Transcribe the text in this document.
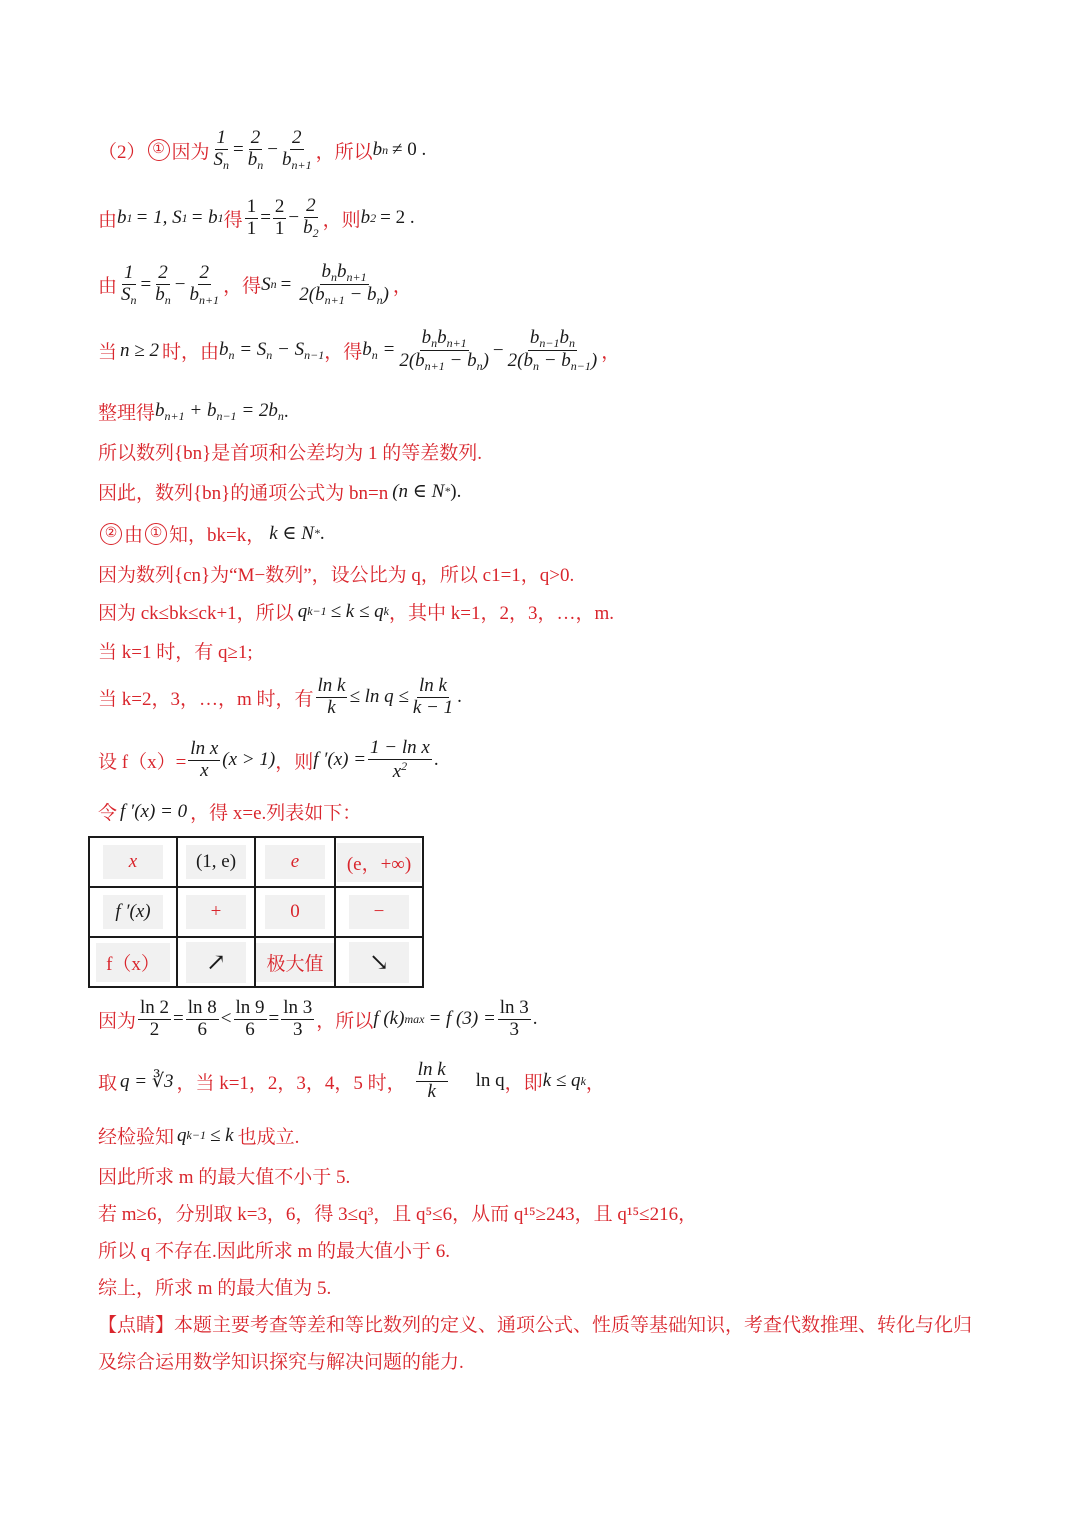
（2） ① 因为 $\frac{1}{S_n} = \frac{2}{b_n} - \frac{2}{b_{n+1}}$ ，所以 b n ≠ 0 .
由 b 1 = 1, S 1 = b 1 得 $\frac{1}{1} = \frac{2}{1} - \frac{2}{b_2}$ ，则 b 2 = 2 .
由 $\frac{1}{S_n} = \frac{2}{b_n} - \frac{2}{b_{n+1}}$ ，得 S $n = \frac{b_nb_{n+1}}{2(b_{n+1} - b_n)}$ ，
当 n ≥ 2 时，由 $b_n = S_n - S_{n-1}$ ，得 $b_n = \frac{b_nb_{n+1}}{2(b_{n+1} - b_n)} - \frac{b_{n-1}b_n}{2(b_n - b_{n-1})}$ ，
整理得 $b_{n+1} + b_{n-1} = 2b_n$ .
所以数列{bn}是首项和公差均为 1 的等差数列.
因此，数列{bn}的通项公式为 bn=n (n ∈ N * ).
② 由 ① 知，bk=k， k ∈ N * .
因为数列{cn}为“M−数列”，设公比为 q，所以 c1=1，q>0.
因为 ck≤bk≤ck+1，所以 q k−1 ≤ k ≤ q k ，其中 k=1，2，3，…，m.
当 k=1 时，有 q≥1;
当 k=2，3，…，m 时，有 $\frac{\text{ln k}}{k} \le \ln q \le \frac{\text{ln k}}{k - 1}$ .
设 $f(x)= \frac{\text{ln x}}{x} (x > 1)$ ，则 f $'(x) = \frac{\text{1 − ln x}}{x^2}$ .
令 f ′(x) = 0 ，得 x=e.列表如下：
x	(1, e)	e	(e，+∞)
f ′(x)	+	0	−
f（x）	↗	极大值	↘
因为 $\frac{\ln 2}{2} = \frac{\ln 8}{6} < \frac{\ln 9}{6} = \frac{\ln 3}{3}$ ，所以 f (k) max = f $(3) = \frac{\ln 3}{3}$ .
取 q = ∛3 ，当 k=1，2，3，4，5 时， $\frac{\text{ln k}}{k}$ ln q ，即 k ≤ q k ，
经检验知 q k−1 ≤ k 也成立.
因此所求 m 的最大值不小于 5.
若 m≥6，分别取 k=3，6，得 3≤q³，且 q⁵≤6，从而 q¹⁵≥243，且 q¹⁵≤216，
所以 q 不存在.因此所求 m 的最大值小于 6.
综上，所求 m 的最大值为 5.
【点睛】本题主要考查等差和等比数列的定义、通项公式、性质等基础知识，考查代数推理、转化与化归
及综合运用数学知识探究与解决问题的能力.
